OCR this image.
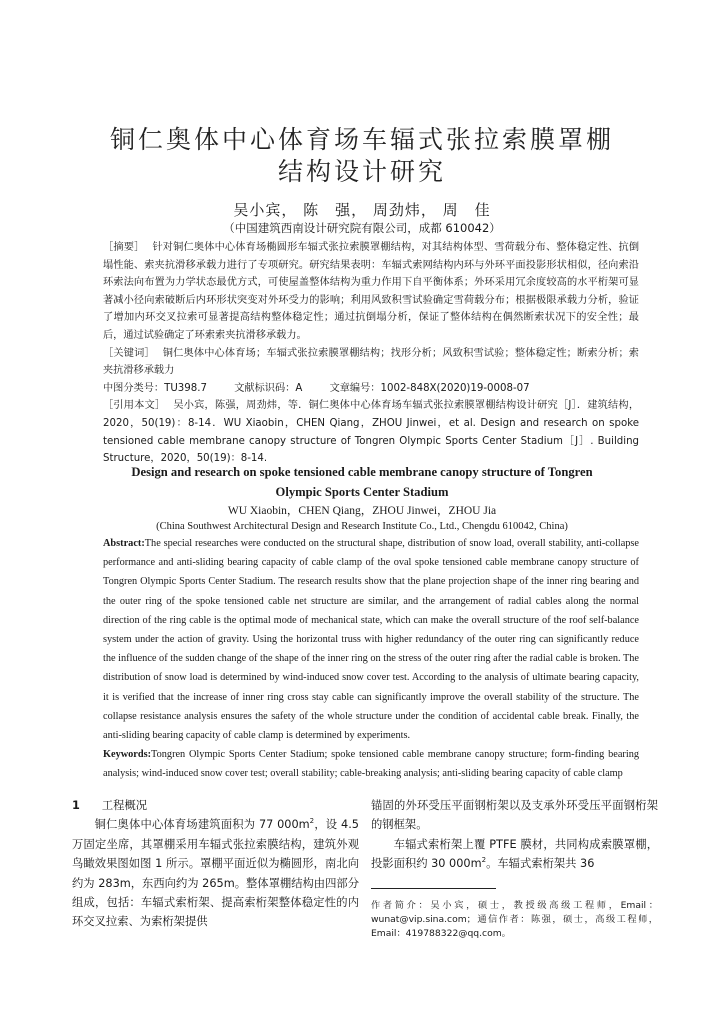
铜仁奥体中心体育场车辐式张拉索膜罩棚
结构设计研究
吴小宾， 陈　强， 周劲炜， 周　佳
（中国建筑西南设计研究院有限公司，成都 610042）
［摘要］ 针对铜仁奥体中心体育场椭圆形车辐式张拉索膜罩棚结构，对其结构体型、雪荷载分布、整体稳定性、抗倒塌性能、索夹抗滑移承载力进行了专项研究。研究结果表明：车辐式索网结构内环与外环平面投影形状相似，径向索沿环索法向布置为力学状态最优方式，可使屋盖整体结构为重力作用下自平衡体系；外环采用冗余度较高的水平桁架可显著减小径向索破断后内环形状突变对外环受力的影响；利用风致积雪试验确定雪荷载分布；根据极限承载力分析，验证了增加内环交叉拉索可显著提高结构整体稳定性；通过抗倒塌分析，保证了整体结构在偶然断索状况下的安全性；最后，通过试验确定了环索索夹抗滑移承载力。
［关键词］ 铜仁奥体中心体育场；车辐式张拉索膜罩棚结构；找形分析；风致积雪试验；整体稳定性；断索分析；索夹抗滑移承载力
中图分类号：TU398.7	文献标识码：A	文章编号：1002-848X(2020)19-0008-07
［引用本文］ 吴小宾，陈强，周劲炜，等．铜仁奥体中心体育场车辐式张拉索膜罩棚结构设计研究［J］．建筑结构，2020，50(19)：8-14．WU Xiaobin，CHEN Qiang，ZHOU Jinwei，et al. Design and research on spoke tensioned cable membrane canopy structure of Tongren Olympic Sports Center Stadium［J］. Building Structure，2020，50(19)：8-14.
Design and research on spoke tensioned cable membrane canopy structure of Tongren
Olympic Sports Center Stadium
WU Xiaobin，CHEN Qiang，ZHOU Jinwei，ZHOU Jia
(China Southwest Architectural Design and Research Institute Co., Ltd., Chengdu 610042, China)
Abstract:The special researches were conducted on the structural shape, distribution of snow load, overall stability, anti-collapse performance and anti-sliding bearing capacity of cable clamp of the oval spoke tensioned cable membrane canopy structure of Tongren Olympic Sports Center Stadium. The research results show that the plane projection shape of the inner ring bearing and the outer ring of the spoke tensioned cable net structure are similar, and the arrangement of radial cables along the normal direction of the ring cable is the optimal mode of mechanical state, which can make the overall structure of the roof self-balance system under the action of gravity. Using the horizontal truss with higher redundancy of the outer ring can significantly reduce the influence of the sudden change of the shape of the inner ring on the stress of the outer ring after the radial cable is broken. The distribution of snow load is determined by wind-induced snow cover test. According to the analysis of ultimate bearing capacity, it is verified that the increase of inner ring cross stay cable can significantly improve the overall stability of the structure. The collapse resistance analysis ensures the safety of the whole structure under the condition of accidental cable break. Finally, the anti-sliding bearing capacity of cable clamp is determined by experiments.
Keywords:Tongren Olympic Sports Center Stadium; spoke tensioned cable membrane canopy structure; form-finding bearing analysis; wind-induced snow cover test; overall stability; cable-breaking analysis; anti-sliding bearing capacity of cable clamp
1 工程概况

铜仁奥体中心体育场建筑面积为 77 $000m^2$，设 4.5 万固定坐席，其罩棚采用车辐式张拉索膜结构，建筑外观鸟瞰效果图如图 1 所示。罩棚平面近似为椭圆形，南北向约为 283m，东西向约为 265m。整体罩棚结构由四部分组成，包括：车辐式索桁架、提高索桁架整体稳定性的内环交叉拉索、为索桁架提供

锚固的外环受压平面钢桁架以及支承外环受压平面钢桁架的钢框架。

车辐式索桁架上覆 PTFE 膜材，共同构成索膜罩棚，投影面积约 30 $000m^2$。车辐式索桁架共 36

作者简介：吴小宾，硕士，教授级高级工程师，Email：wunat@vip.sina.com；通信作者：陈强，硕士，高级工程师，Email：419788322@qq.com。
